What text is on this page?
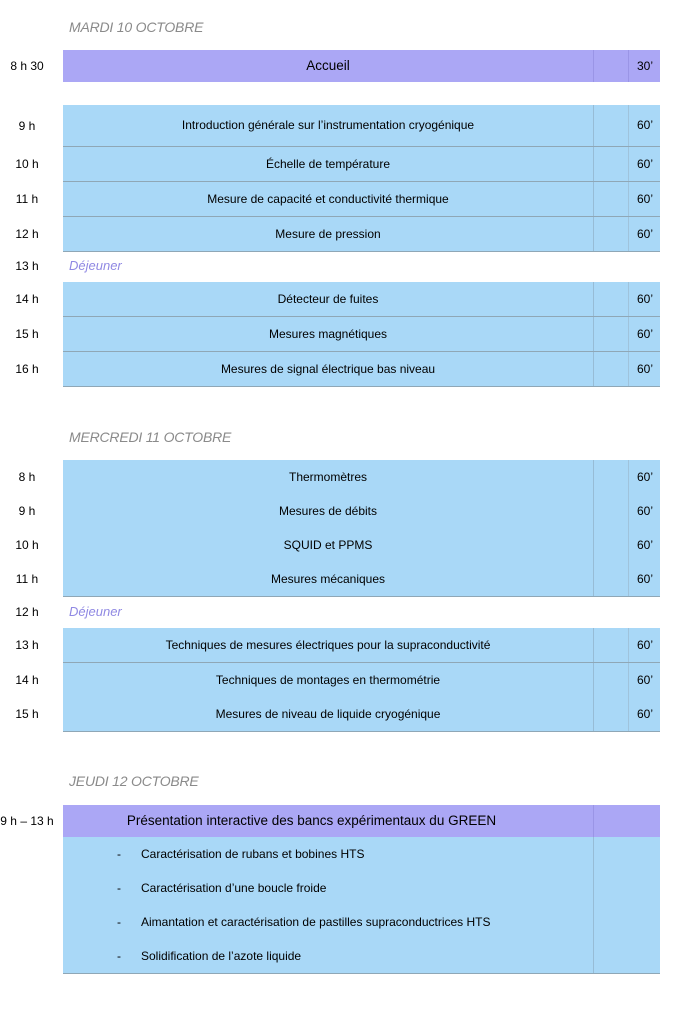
MARDI 10 OCTOBRE
8 h 30	Accueil	30’
9 h	Introduction générale sur l’instrumentation cryogénique	60’
10 h	Échelle de température	60’
11 h	Mesure de capacité et conductivité thermique	60’
12 h	Mesure de pression	60’
13 h	Déjeuner
14 h	Détecteur de fuites	60’
15 h	Mesures magnétiques	60’
16 h	Mesures de signal électrique bas niveau	60’
MERCREDI 11 OCTOBRE
8 h	Thermomètres	60’
9 h	Mesures de débits	60’
10 h	SQUID et PPMS	60’
11 h	Mesures mécaniques	60’
12 h	Déjeuner
13 h	Techniques de mesures électriques pour la supraconductivité	60’
14 h	Techniques de montages en thermométrie	60’
15 h	Mesures de niveau de liquide cryogénique	60’
JEUDI 12 OCTOBRE
9 h – 13 h	Présentation interactive des bancs expérimentaux du GREEN
- Caractérisation de rubans et bobines HTS
- Caractérisation d’une boucle froide
- Aimantation et caractérisation de pastilles supraconductrices HTS
- Solidification de l’azote liquide
